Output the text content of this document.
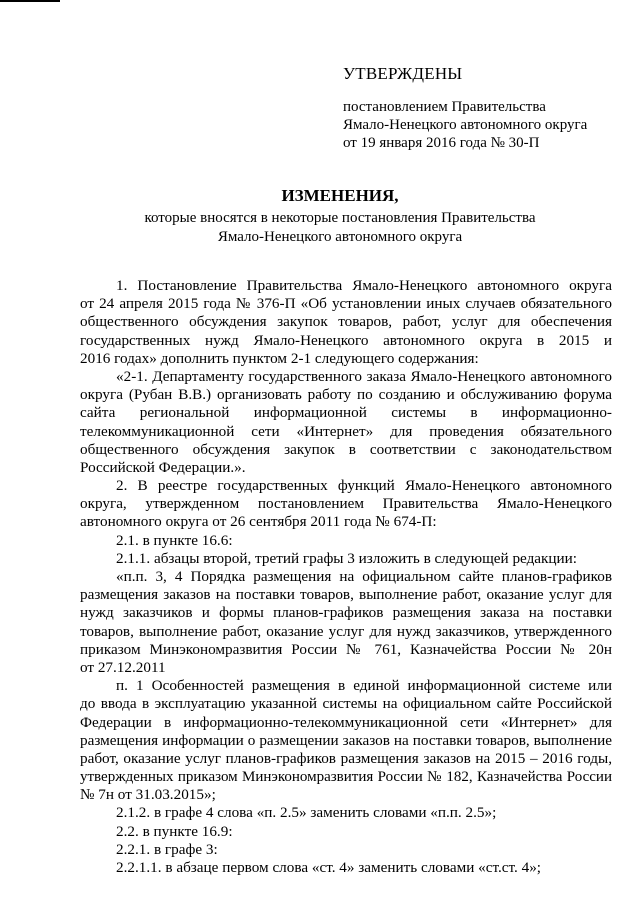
УТВЕРЖДЕНЫ
постановлением Правительства
Ямало-Ненецкого автономного округа
от 19 января 2016 года № 30-П
ИЗМЕНЕНИЯ,
которые вносятся в некоторые постановления Правительства
Ямало-Ненецкого автономного округа
1. Постановление Правительства Ямало-Ненецкого автономного округа
от 24 апреля 2015 года № 376-П «Об установлении иных случаев обязательного
общественного обсуждения закупок товаров, работ, услуг для обеспечения
государственных нужд Ямало-Ненецкого автономного округа в 2015 и
2016 годах» дополнить пунктом 2-1 следующего содержания:
«2-1. Департаменту государственного заказа Ямало-Ненецкого автономного
округа (Рубан В.В.) организовать работу по созданию и обслуживанию форума
сайта региональной информационной системы в информационно-
телекоммуникационной сети «Интернет» для проведения обязательного
общественного обсуждения закупок в соответствии с законодательством
Российской Федерации.».
2. В реестре государственных функций Ямало-Ненецкого автономного
округа, утвержденном постановлением Правительства Ямало-Ненецкого
автономного округа от 26 сентября 2011 года № 674-П:
2.1. в пункте 16.6:
2.1.1. абзацы второй, третий графы 3 изложить в следующей редакции:
«п.п. 3, 4 Порядка размещения на официальном сайте планов-графиков
размещения заказов на поставки товаров, выполнение работ, оказание услуг для
нужд заказчиков и формы планов-графиков размещения заказа на поставки
товаров, выполнение работ, оказание услуг для нужд заказчиков, утвержденного
приказом Минэкономразвития России № 761, Казначейства России № 20н
от 27.12.2011
п. 1 Особенностей размещения в единой информационной системе или
до ввода в эксплуатацию указанной системы на официальном сайте Российской
Федерации в информационно-телекоммуникационной сети «Интернет» для
размещения информации о размещении заказов на поставки товаров, выполнение
работ, оказание услуг планов-графиков размещения заказов на 2015 – 2016 годы,
утвержденных приказом Минэкономразвития России № 182, Казначейства России
№ 7н от 31.03.2015»;
2.1.2. в графе 4 слова «п. 2.5» заменить словами «п.п. 2.5»;
2.2. в пункте 16.9:
2.2.1. в графе 3:
2.2.1.1. в абзаце первом слова «ст. 4» заменить словами «ст.ст. 4»;
